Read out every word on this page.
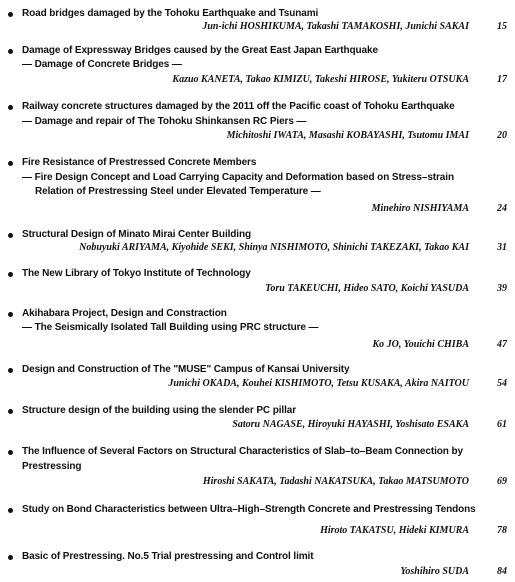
Road bridges damaged by the Tohoku Earthquake and Tsunami
Jun-ichi HOSHIKUMA, Takashi TAMAKOSHI, Junichi SAKAI	15
Damage of Expressway Bridges caused by the Great East Japan Earthquake
— Damage of Concrete Bridges —
Kazuo KANETA, Takao KIMIZU, Takeshi HIROSE, Yukiteru OTSUKA	17
Railway concrete structures damaged by the 2011 off the Pacific coast of Tohoku Earthquake
— Damage and repair of The Tohoku Shinkansen RC Piers —
Michitoshi IWATA, Masashi KOBAYASHI, Tsutomu IMAI	20
Fire Resistance of Prestressed Concrete Members
— Fire Design Concept and Load Carrying Capacity and Deformation based on Stress–strain
Relation of Prestressing Steel under Elevated Temperature —
Minehiro NISHIYAMA	24
Structural Design of Minato Mirai Center Building
Nobuyuki ARIYAMA, Kiyohide SEKI, Shinya NISHIMOTO, Shinichi TAKEZAKI, Takao KAI	31
The New Library of Tokyo Institute of Technology
Toru TAKEUCHI, Hideo SATO, Koichi YASUDA	39
Akihabara Project, Design and Constraction
— The Seismically Isolated Tall Building using PRC structure —
Ko JO, Youichi CHIBA	47
Design and Construction of The "MUSE" Campus of Kansai University
Junichi OKADA, Kouhei KISHIMOTO, Tetsu KUSAKA, Akira NAITOU	54
Structure design of the building using the slender PC pillar
Satoru NAGASE, Hiroyuki HAYASHI, Yoshisato ESAKA	61
The Influence of Several Factors on Structural Characteristics of Slab–to–Beam Connection by
Prestressing
Hiroshi SAKATA, Tadashi NAKATSUKA, Takao MATSUMOTO	69
Study on Bond Characteristics between Ultra–High–Strength Concrete and Prestressing Tendons
Hiroto TAKATSU, Hideki KIMURA	78
Basic of Prestressing. No.5 Trial prestressing and Control limit
Yoshihiro SUDA	84
